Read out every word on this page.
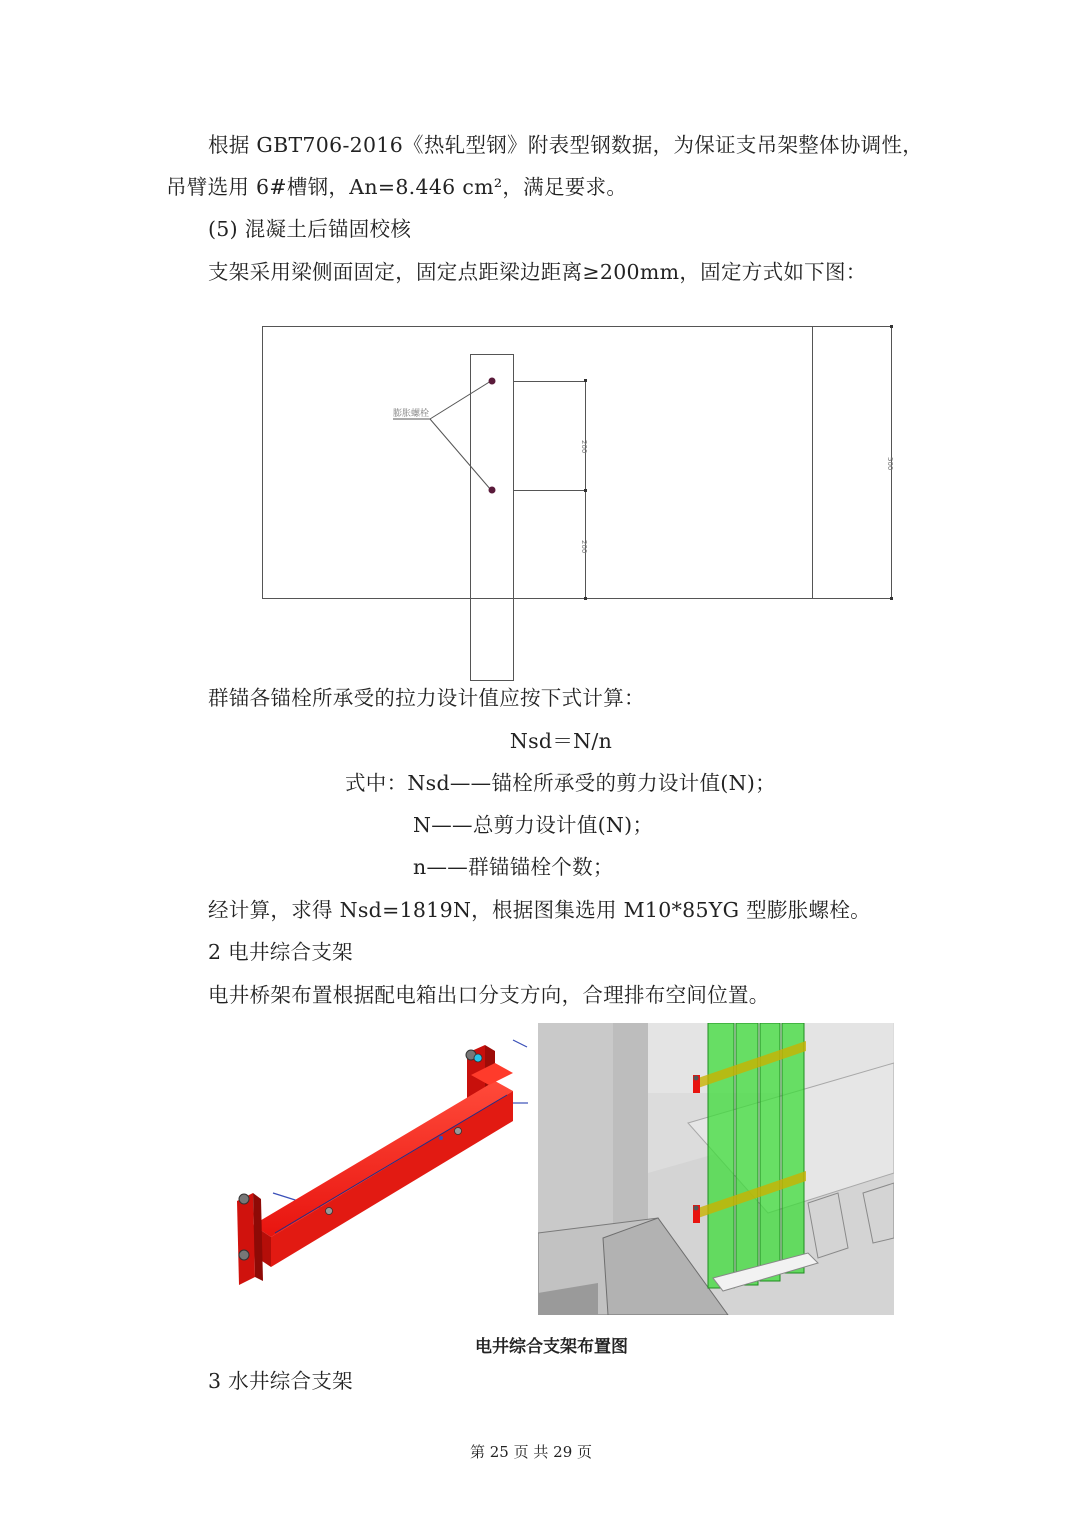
根据 GBT706-2016《热轧型钢》附表型钢数据，为保证支吊架整体协调性，
吊臂选用 6#槽钢，An=8.446 cm²，满足要求。
(5) 混凝土后锚固校核
支架采用梁侧面固定，固定点距梁边距离≥200mm，固定方式如下图：
膨胀螺栓
200
200
500
群锚各锚栓所承受的拉力设计值应按下式计算：
Nsd＝N/n
式中：Nsd——锚栓所承受的剪力设计值(N)；
N——总剪力设计值(N)；
n——群锚锚栓个数；
经计算，求得 Nsd=1819N，根据图集选用 M10*85YG 型膨胀螺栓。
2 电井综合支架
电井桥架布置根据配电箱出口分支方向，合理排布空间位置。
电井综合支架布置图
3 水井综合支架
第 25 页 共 29 页
